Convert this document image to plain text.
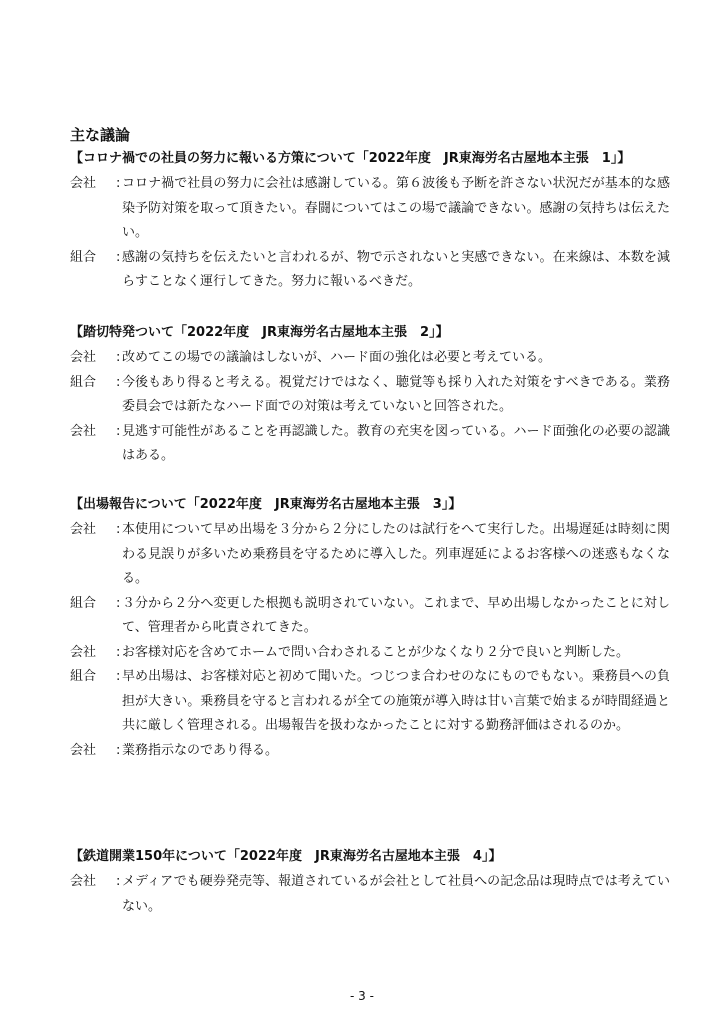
主な議論
【コロナ禍での社員の努力に報いる方策について「2022年度　JR東海労名古屋地本主張　1」】
会社	: コロナ禍で社員の努力に会社は感謝している。第６波後も予断を許さない状況だが基本的な感染予防対策を取って頂きたい。春闘についてはこの場で議論できない。感謝の気持ちは伝えたい。
組合	: 感謝の気持ちを伝えたいと言われるが、物で示されないと実感できない。在来線は、本数を減らすことなく運行してきた。努力に報いるべきだ。
【踏切特発ついて「2022年度　JR東海労名古屋地本主張　2」】
会社	: 改めてこの場での議論はしないが、ハード面の強化は必要と考えている。
組合	: 今後もあり得ると考える。視覚だけではなく、聴覚等も採り入れた対策をすべきである。業務委員会では新たなハード面での対策は考えていないと回答された。
会社	: 見逃す可能性があることを再認識した。教育の充実を図っている。ハード面強化の必要の認識はある。
【出場報告について「2022年度　JR東海労名古屋地本主張　3」】
会社	: 本使用について早め出場を３分から２分にしたのは試行をへて実行した。出場遅延は時刻に関わる見誤りが多いため乗務員を守るために導入した。列車遅延によるお客様への迷惑もなくなる。
組合	: ３分から２分へ変更した根拠も説明されていない。これまで、早め出場しなかったことに対して、管理者から叱責されてきた。
会社	: お客様対応を含めてホームで問い合わされることが少なくなり２分で良いと判断した。
組合	: 早め出場は、お客様対応と初めて聞いた。つじつま合わせのなにものでもない。乗務員への負担が大きい。乗務員を守ると言われるが全ての施策が導入時は甘い言葉で始まるが時間経過と共に厳しく管理される。出場報告を扱わなかったことに対する勤務評価はされるのか。
会社	: 業務指示なのであり得る。
【鉄道開業150年について「2022年度　JR東海労名古屋地本主張　4」】
会社	: メディアでも硬券発売等、報道されているが会社として社員への記念品は現時点では考えていない。
- 3 -
